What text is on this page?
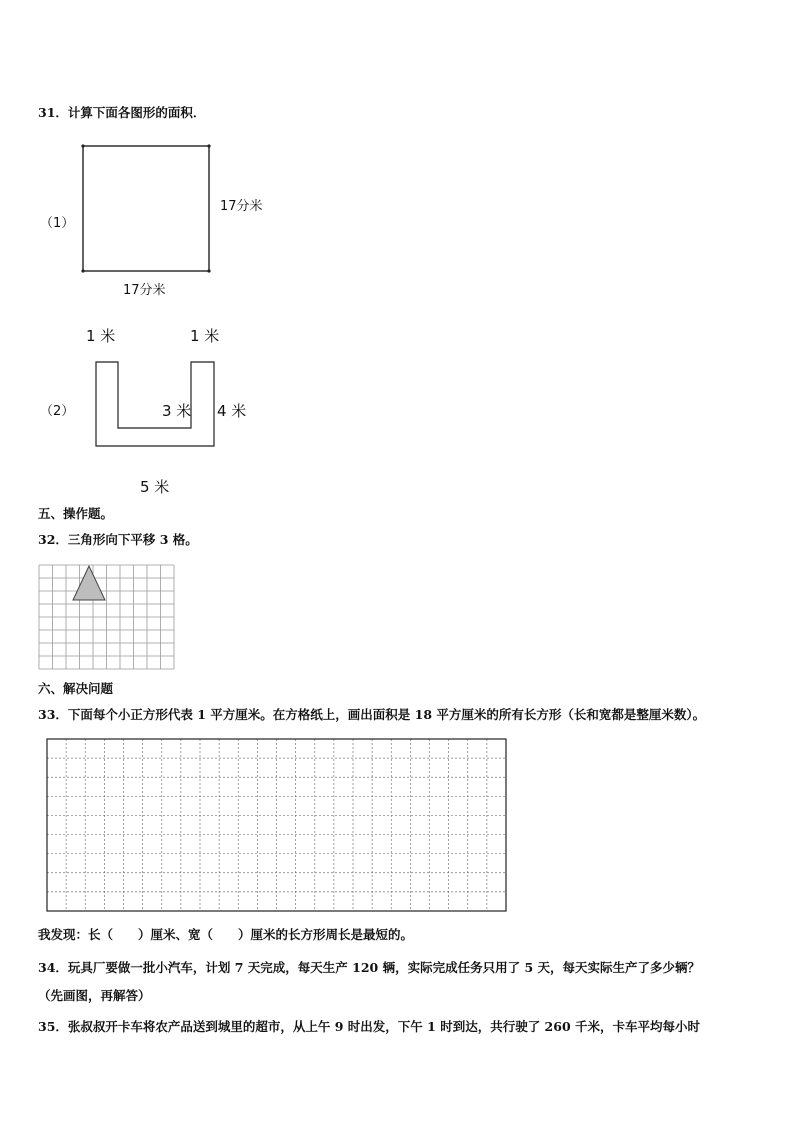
31．计算下面各图形的面积．
（1）
17分米
17分米
1 米	1 米
（2）	3 米 4 米
5 米
五、操作题。
32．三角形向下平移 3 格。
六、解决问题
33．下面每个小正方形代表 1 平方厘米。在方格纸上，画出面积是 18 平方厘米的所有长方形（长和宽都是整厘米数）。
我发现：长（　　）厘米、宽（　　）厘米的长方形周长是最短的。
34．玩具厂要做一批小汽车，计划 7 天完成，每天生产 120 辆，实际完成任务只用了 5 天，每天实际生产了多少辆？
（先画图，再解答）
35．张叔叔开卡车将农产品送到城里的超市，从上午 9 时出发，下午 1 时到达，共行驶了 260 千米，卡车平均每小时
